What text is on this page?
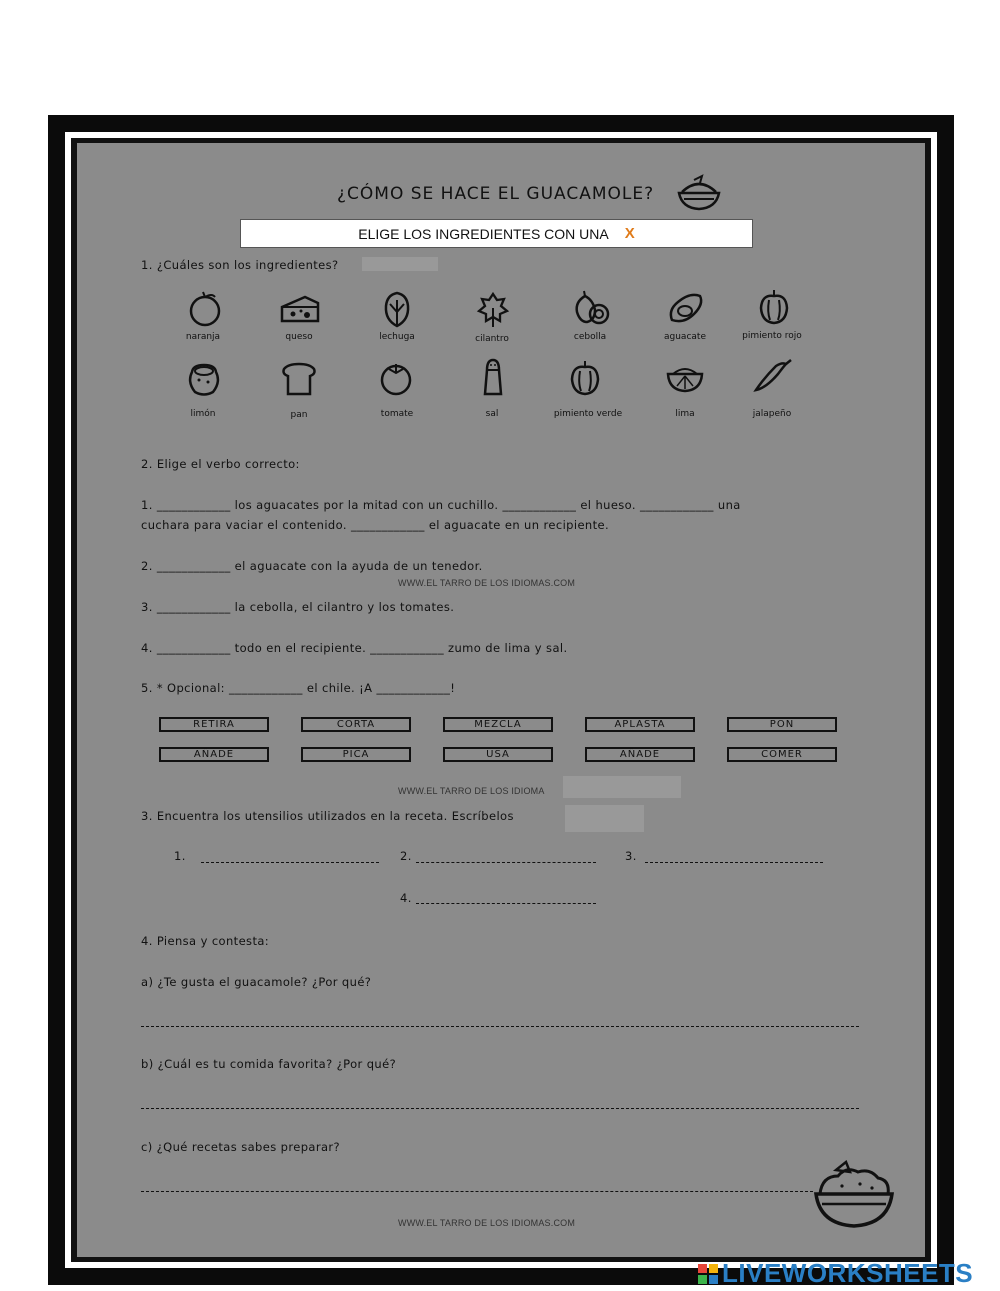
¿CÓMO SE HACE EL GUACAMOLE?
ELIGE LOS INGREDIENTES CON UNA X
1. ¿Cuáles son los ingredientes?
naranja	queso	lechuga	cilantro	cebolla	aguacate	pimiento rojo
limón	pan	tomate	sal	pimiento verde	lima	jalapeño
2. Elige el verbo correcto:
1. ____________ los aguacates por la mitad con un cuchillo. ____________ el hueso. ____________ una
cuchara para vaciar el contenido. ____________ el aguacate en un recipiente.
2. ____________ el aguacate con la ayuda de un tenedor.
WWW.EL TARRO DE LOS IDIOMAS.COM
3. ____________ la cebolla, el cilantro y los tomates.
4. ____________ todo en el recipiente. ____________ zumo de lima y sal.
5. * Opcional: ____________ el chile. ¡A ____________!
RETIRA	CORTA	MEZCLA	APLASTA	PON
AÑADE	PICA	USA	AÑADE	COMER
WWW.EL TARRO DE LOS IDIOMA
3. Encuentra los utensilios utilizados en la receta. Escríbelos
1.	2.	3.
4.
4. Piensa y contesta:
a) ¿Te gusta el guacamole? ¿Por qué?
b) ¿Cuál es tu comida favorita? ¿Por qué?
c) ¿Qué recetas sabes preparar?
WWW.EL TARRO DE LOS IDIOMAS.COM
LIVEWORKSHEETS
